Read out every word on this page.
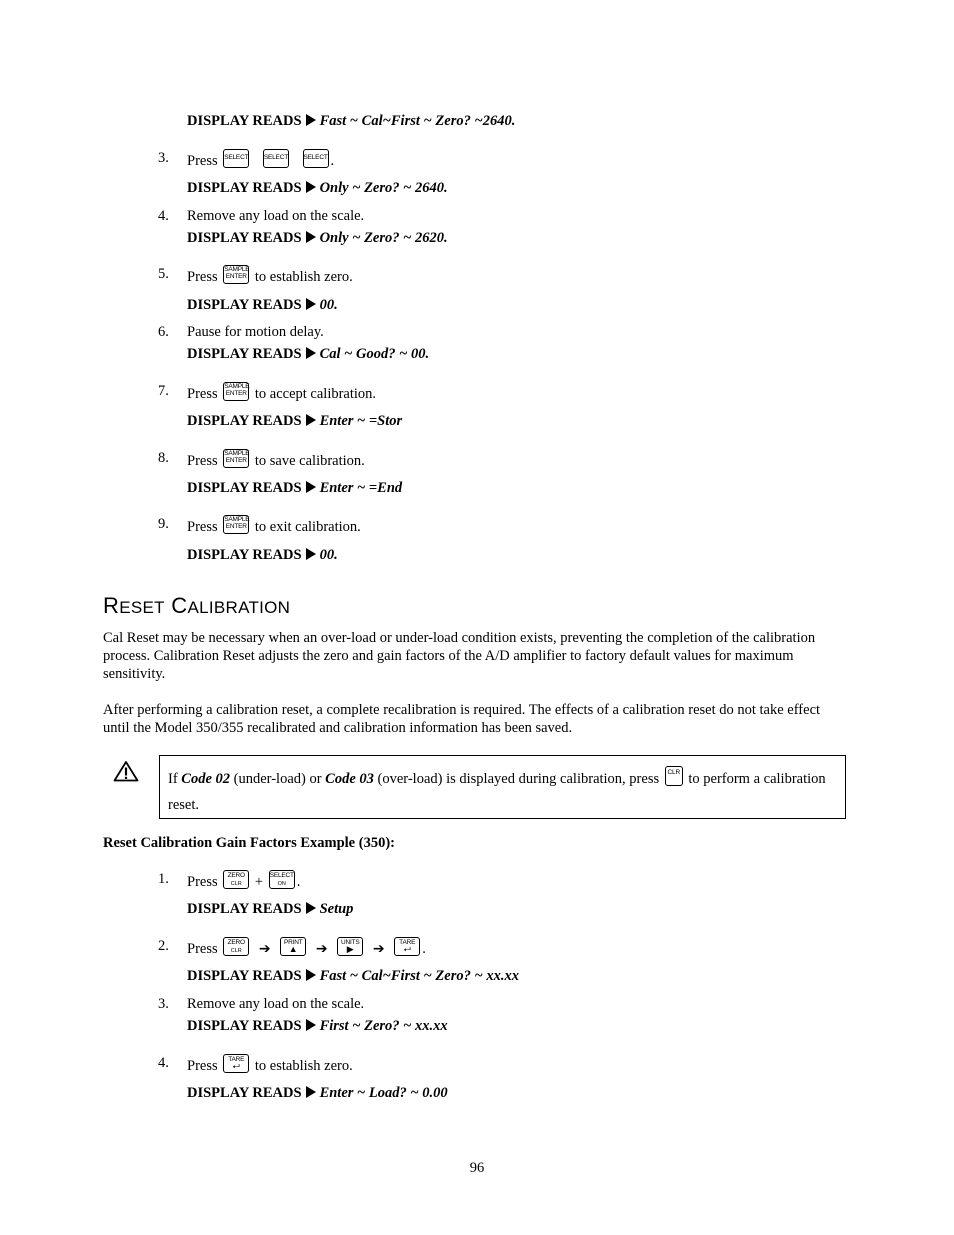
DISPLAY READS Fast ~ Cal~First ~ Zero? ~2640.
3. Press SELECT
SELECT
SELECT .
DISPLAY READS Only ~ Zero? ~ 2640.
4. Remove any load on the scale.
DISPLAY READS Only ~ Zero? ~ 2620.
5. Press SAMPLE
ENTER to establish zero.
DISPLAY READS 00.
6. Pause for motion delay.
DISPLAY READS Cal ~ Good? ~ 00.
7. Press SAMPLE
ENTER to accept calibration.
DISPLAY READS Enter ~ =Stor
8. Press SAMPLE
ENTER to save calibration.
DISPLAY READS Enter ~ =End
9. Press SAMPLE
ENTER to exit calibration.
DISPLAY READS 00.
RESET CALIBRATION
Cal Reset may be necessary when an over-load or under-load condition exists, preventing the completion of the calibration process. Calibration Reset adjusts the zero and gain factors of the A/D amplifier to factory default values for maximum sensitivity.
After performing a calibration reset, a complete recalibration is required. The effects of a calibration reset do not take effect until the Model 350/355 recalibrated and calibration information has been saved.
If Code 02 (under-load) or Code 03 (over-load) is displayed during calibration, press CLR to perform a calibration reset.
Reset Calibration Gain Factors Example (350):
1. Press	ZERO
CLR + SELECT
ON .
DISPLAY READS Setup
2. Press	ZERO
CLR	➔	PRINT
▲	➔	UNITS
▶	➔	TARE
⮠ .
DISPLAY READS Fast ~ Cal~First ~ Zero? ~ xx.xx
3. Remove any load on the scale.
DISPLAY READS First ~ Zero? ~ xx.xx
4. Press	TARE
⮠	to establish zero.
DISPLAY READS Enter ~ Load? ~ 0.00
96
